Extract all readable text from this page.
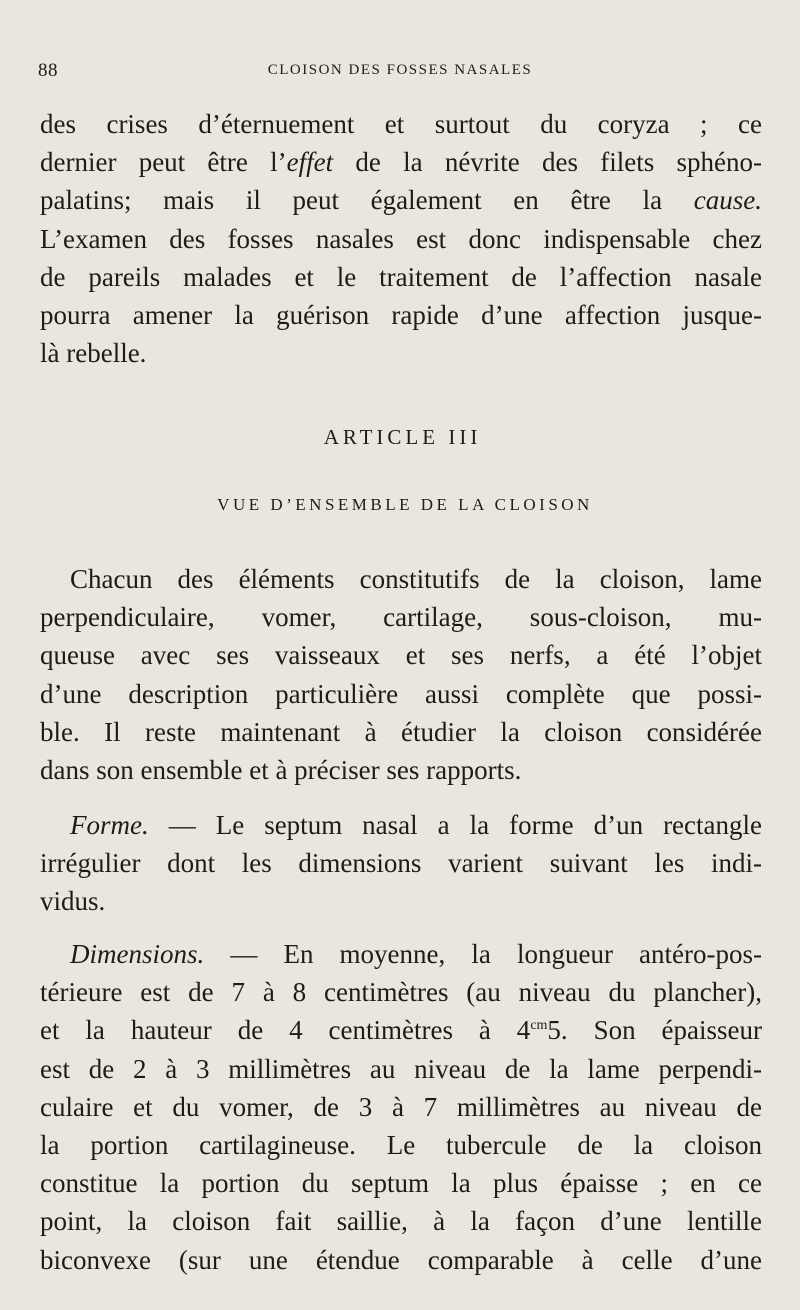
88	CLOISON DES FOSSES NASALES
des crises d’éternuement et surtout du coryza ; ce
dernier peut être l’effet de la névrite des filets sphéno-
palatins; mais il peut également en être la cause.
L’examen des fosses nasales est donc indispensable chez
de pareils malades et le traitement de l’affection nasale
pourra amener la guérison rapide d’une affection jusque-
là rebelle.
ARTICLE III
VUE D’ENSEMBLE DE LA CLOISON
Chacun des éléments constitutifs de la cloison, lame
perpendiculaire, vomer, cartilage, sous-cloison, mu-
queuse avec ses vaisseaux et ses nerfs, a été l’objet
d’une description particulière aussi complète que possi-
ble. Il reste maintenant à étudier la cloison considérée
dans son ensemble et à préciser ses rapports.
Forme. — Le septum nasal a la forme d’un rectangle
irrégulier dont les dimensions varient suivant les indi-
vidus.
Dimensions. — En moyenne, la longueur antéro-pos-
térieure est de 7 à 8 centimètres (au niveau du plancher),
et la hauteur de 4 centimètres à $4^{cm}5$. Son épaisseur
est de 2 à 3 millimètres au niveau de la lame perpendi-
culaire et du vomer, de 3 à 7 millimètres au niveau de
la portion cartilagineuse. Le tubercule de la cloison
constitue la portion du septum la plus épaisse ; en ce
point, la cloison fait saillie, à la façon d’une lentille
biconvexe (sur une étendue comparable à celle d’une
